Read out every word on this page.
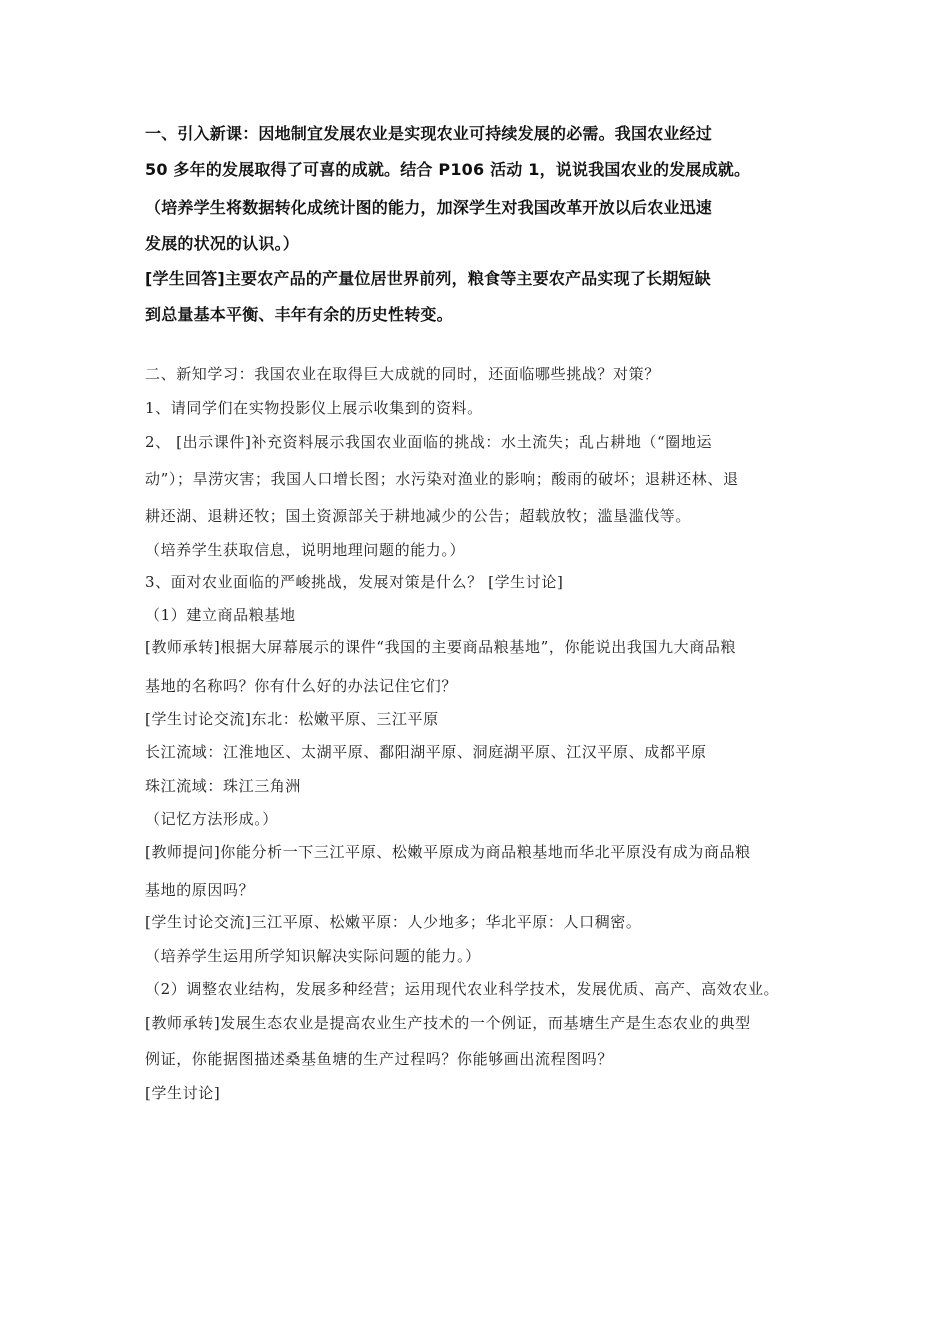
一、引入新课：因地制宜发展农业是实现农业可持续发展的必需。我国农业经过
50 多年的发展取得了可喜的成就。结合 P106 活动 1，说说我国农业的发展成就。
（培养学生将数据转化成统计图的能力，加深学生对我国改革开放以后农业迅速
发展的状况的认识。）
[学生回答]主要农产品的产量位居世界前列，粮食等主要农产品实现了长期短缺
到总量基本平衡、丰年有余的历史性转变。
二、新知学习：我国农业在取得巨大成就的同时，还面临哪些挑战？对策？
1、请同学们在实物投影仪上展示收集到的资料。
2、 [出示课件]补充资料展示我国农业面临的挑战：水土流失；乱占耕地（“圈地运
动”）；旱涝灾害；我国人口增长图；水污染对渔业的影响；酸雨的破坏；退耕还林、退
耕还湖、退耕还牧；国土资源部关于耕地减少的公告；超载放牧；滥垦滥伐等。
（培养学生获取信息，说明地理问题的能力。）
3、面对农业面临的严峻挑战，发展对策是什么？ [学生讨论]
（1）建立商品粮基地
[教师承转]根据大屏幕展示的课件“我国的主要商品粮基地”，你能说出我国九大商品粮
基地的名称吗？你有什么好的办法记住它们？
[学生讨论交流]东北：松嫩平原、三江平原
长江流域：江淮地区、太湖平原、鄱阳湖平原、洞庭湖平原、江汉平原、成都平原
珠江流域：珠江三角洲
（记忆方法形成。）
[教师提问]你能分析一下三江平原、松嫩平原成为商品粮基地而华北平原没有成为商品粮
基地的原因吗？
[学生讨论交流]三江平原、松嫩平原：人少地多；华北平原：人口稠密。
（培养学生运用所学知识解决实际问题的能力。）
（2）调整农业结构，发展多种经营；运用现代农业科学技术，发展优质、高产、高效农业。
[教师承转]发展生态农业是提高农业生产技术的一个例证，而基塘生产是生态农业的典型
例证，你能据图描述桑基鱼塘的生产过程吗？你能够画出流程图吗？
[学生讨论]
